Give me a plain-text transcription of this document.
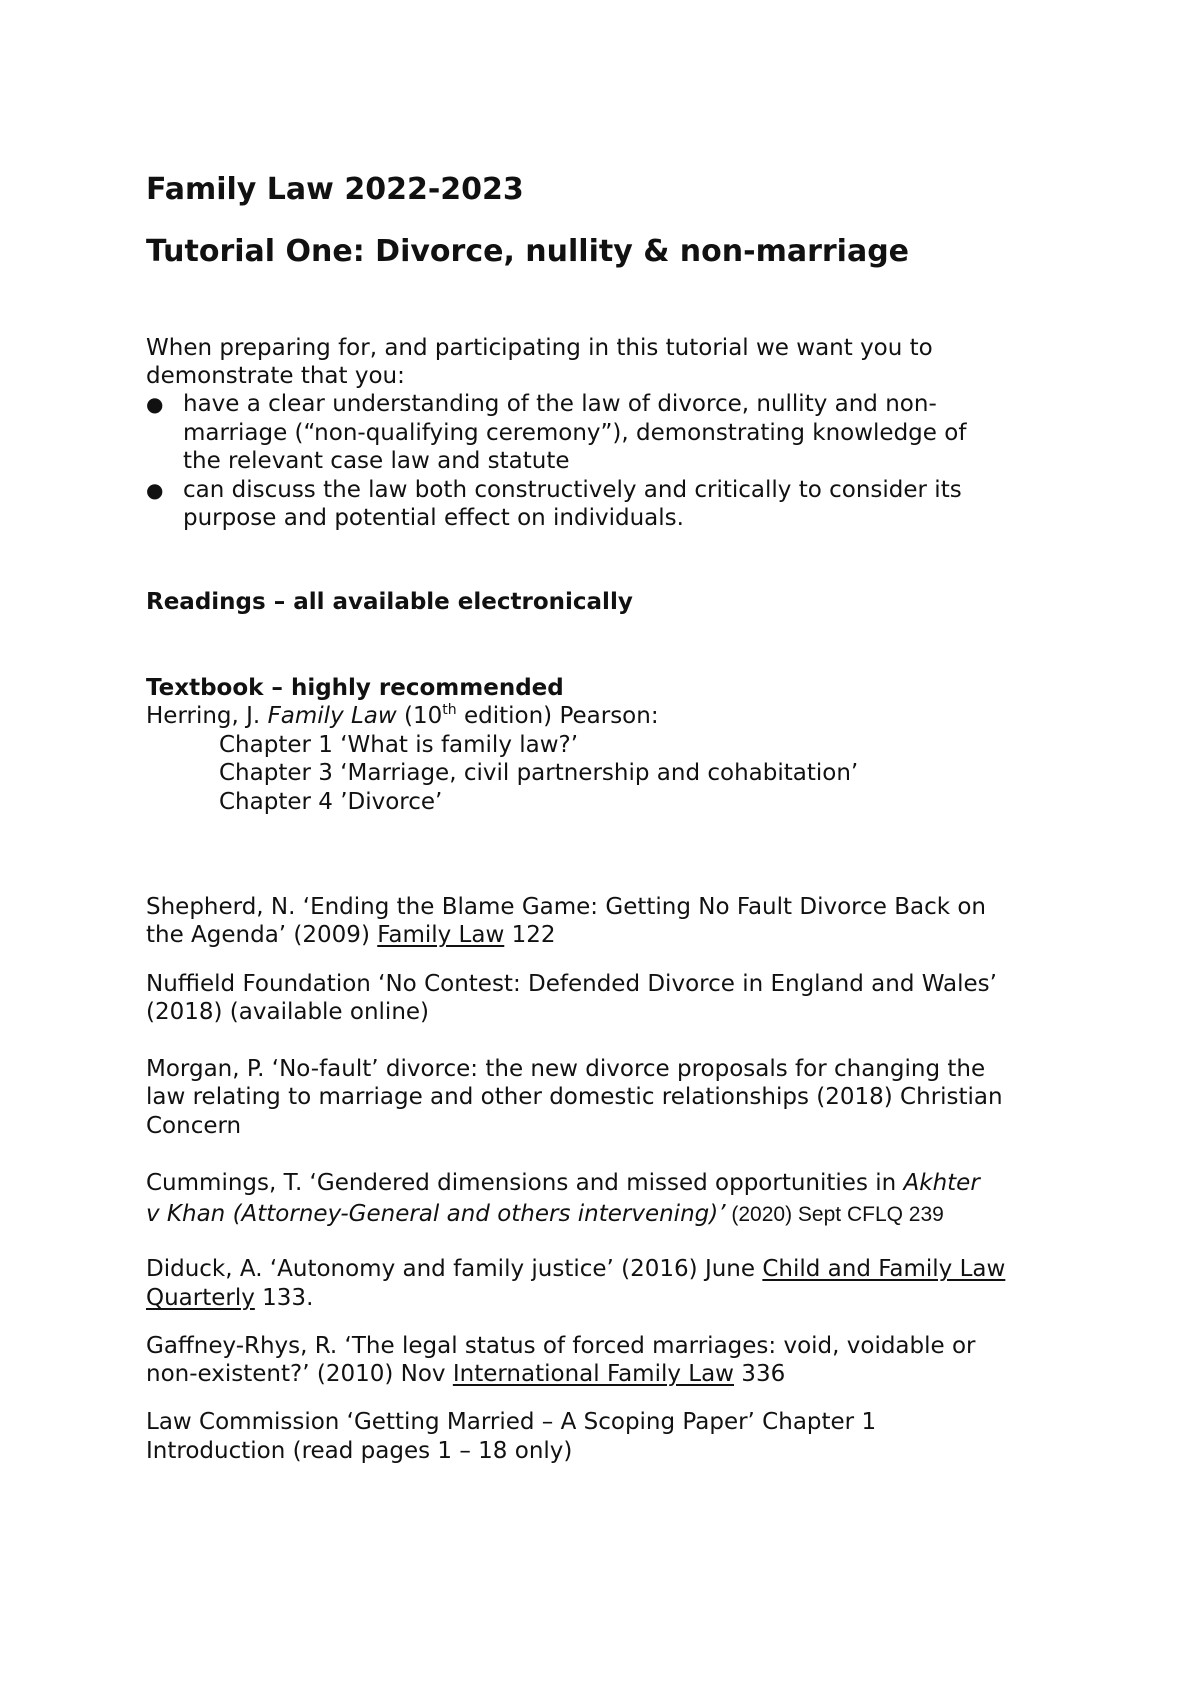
Family Law 2022-2023
Tutorial One: Divorce, nullity & non-marriage
When preparing for, and participating in this tutorial we want you to
demonstrate that you:
● have a clear understanding of the law of divorce, nullity and non-
marriage (“non-qualifying ceremony”), demonstrating knowledge of
the relevant case law and statute
● can discuss the law both constructively and critically to consider its
purpose and potential effect on individuals.
Readings – all available electronically
Textbook – highly recommended
Herring, J. Family Law (10th edition) Pearson:
Chapter 1 ‘What is family law?’
Chapter 3 ‘Marriage, civil partnership and cohabitation’
Chapter 4 ’Divorce’
Shepherd, N. ‘Ending the Blame Game: Getting No Fault Divorce Back on
the Agenda’ (2009) Family Law 122
Nuffield Foundation ‘No Contest: Defended Divorce in England and Wales’
(2018) (available online)
Morgan, P. ‘No-fault’ divorce: the new divorce proposals for changing the
law relating to marriage and other domestic relationships (2018) Christian
Concern
Cummings, T. ‘Gendered dimensions and missed opportunities in Akhter
v Khan (Attorney-General and others intervening)’ (2020) Sept CFLQ 239
Diduck, A. ‘Autonomy and family justice’ (2016) June Child and Family Law
Quarterly 133.
Gaffney-Rhys, R. ‘The legal status of forced marriages: void, voidable or
non-existent?’ (2010) Nov International Family Law 336
Law Commission ‘Getting Married – A Scoping Paper’ Chapter 1
Introduction (read pages 1 – 18 only)
